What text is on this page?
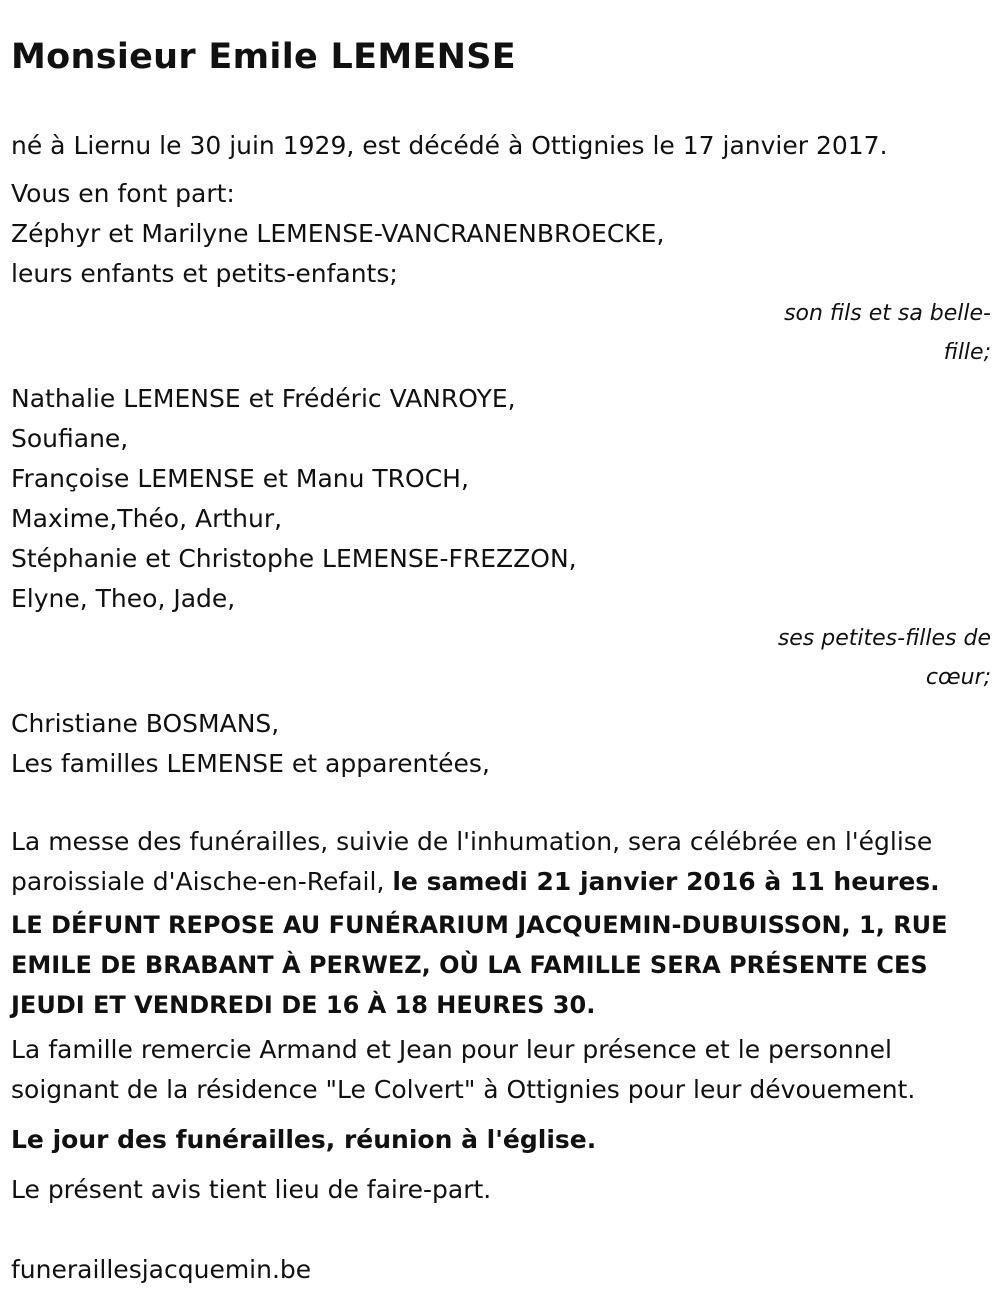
Monsieur Emile LEMENSE

né à Liernu le 30 juin 1929, est décédé à Ottignies le 17 janvier 2017.

Vous en font part:

Zéphyr et Marilyne LEMENSE-VANCRANENBROECKE,

leurs enfants et petits-enfants;

son fils et sa belle-

fille;

Nathalie LEMENSE et Frédéric VANROYE,

Soufiane,

Françoise LEMENSE et Manu TROCH,

Maxime,Théo, Arthur,

Stéphanie et Christophe LEMENSE-FREZZON,

Elyne, Theo, Jade,

ses petites-filles de

cœur;

Christiane BOSMANS,

Les familles LEMENSE et apparentées,

La messe des funérailles, suivie de l'inhumation, sera célébrée en l'église paroissiale d'Aische-en-Refail, le samedi 21 janvier 2016 à 11 heures.

LE DÉFUNT REPOSE AU FUNÉRARIUM JACQUEMIN-DUBUISSON, 1, RUE EMILE DE BRABANT À PERWEZ, OÙ LA FAMILLE SERA PRÉSENTE CES JEUDI ET VENDREDI DE 16 À 18 HEURES 30.

La famille remercie Armand et Jean pour leur présence et le personnel soignant de la résidence "Le Colvert" à Ottignies pour leur dévouement.

Le jour des funérailles, réunion à l'église.

Le présent avis tient lieu de faire-part.

funeraillesjacquemin.be
